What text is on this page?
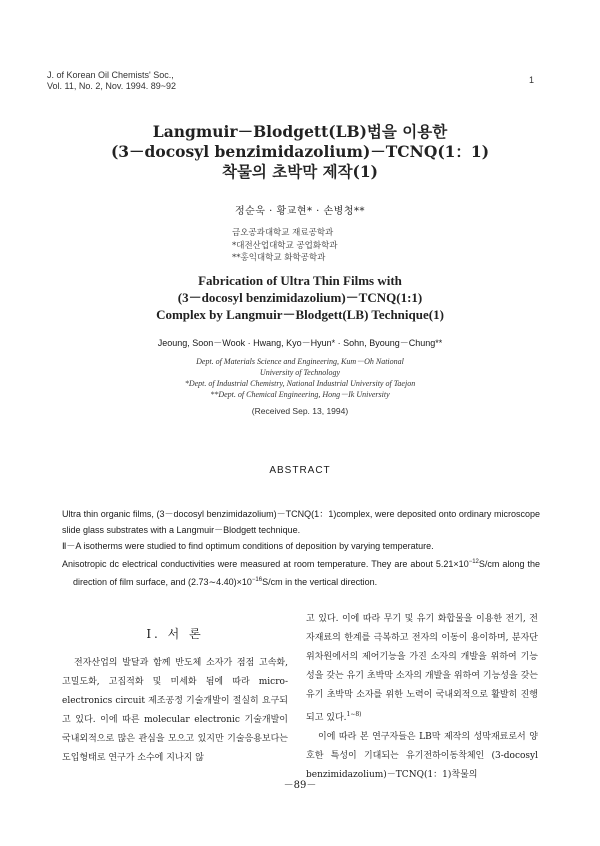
J. of Korean Oil Chemists' Soc.,
Vol. 11, No. 2, Nov. 1994. 89~92
1
Langmuir－Blodgett(LB)법을 이용한
(3－docosyl benzimidazolium)－TCNQ(1：1)
착물의 초박막 제작(1)
정순욱 · 황교현* · 손병청**
금오공과대학교 재료공학과
*대전산업대학교 공업화학과
**홍익대학교 화학공학과
Fabrication of Ultra Thin Films with
(3－docosyl benzimidazolium)－TCNQ(1:1)
Complex by Langmuir－Blodgett(LB) Technique(1)
Jeoung, Soon－Wook · Hwang, Kyo－Hyun* · Sohn, Byoung－Chung**
Dept. of Materials Science and Engineering, Kum－Oh National
University of Technology
*Dept. of Industrial Chemistry, National Industrial University of Taejon
**Dept. of Chemical Engineering, Hong－Ik University
(Received Sep. 13, 1994)
ABSTRACT

Ultra thin organic films, (3－docosyl benzimidazolium)－TCNQ(1：1)complex, were deposited onto ordinary microscope slide glass substrates with a Langmuir－Blodgett technique.

Ⅱ－A isotherms were studied to find optimum conditions of deposition by varying temperature.

Anisotropic dc electrical conductivities were measured at room temperature. They are about $5.21\times 10^{-12}S/cm$ along the direction of film surface, and $(2.73\sim 4.40)\times 10^{-16}S/cm$ in the vertical direction.

Ⅰ. 서 론

전자산업의 발달과 함께 반도체 소자가 점점 고속화, 고밀도화, 고집적화 및 미세화 됨에 따라 micro-electronics circuit 제조공정 기술개발이 절실히 요구되고 있다. 이에 따른 molecular electronic 기술개발이 국내외적으로 많은 관심을 모으고 있지만 기술응용보다는 도입형태로 연구가 소수에 지나지 않

고 있다. 이에 따라 무기 및 유기 화합물을 이용한 전기, 전자재료의 한계를 극복하고 전자의 이동이 용이하며, 분자단위차원에서의 제어기능을 가진 소자의 개발을 위하여 기능성을 갖는 유기 초박막 소자의 개발을 위하여 기능성을 갖는 유기 초박막 소자를 위한 노력이 국내외적으로 활발히 진행되고 있다.$^{1\sim 8)}$

이에 따라 본 연구자들은 LB막 제작의 성막재료로서 양호한 특성이 기대되는 유기전하이동착체인 (3-docosyl benzimidazolium)－TCNQ(1：1)착물의

－89－
